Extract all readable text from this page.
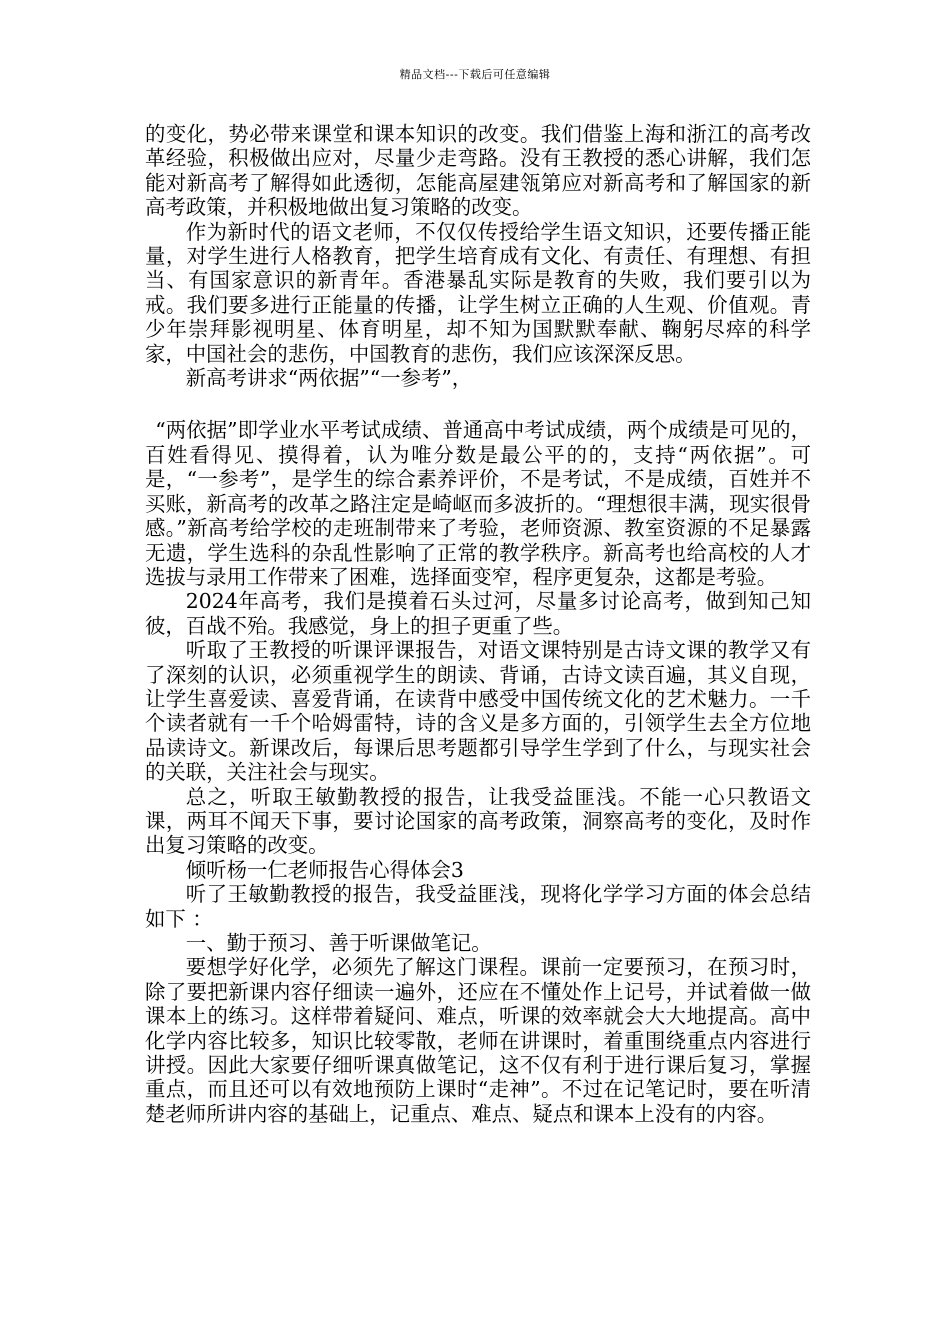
精品文档---下载后可任意编辑

的变化，势必带来课堂和课本知识的改变。我们借鉴上海和浙江的高考改革经验，积极做出应对，尽量少走弯路。没有王教授的悉心讲解，我们怎能对新高考了解得如此透彻，怎能高屋建瓴第应对新高考和了解国家的新高考政策，并积极地做出复习策略的改变。

作为新时代的语文老师，不仅仅传授给学生语文知识，还要传播正能量，对学生进行人格教育，把学生培育成有文化、有责任、有理想、有担当、有国家意识的新青年。香港暴乱实际是教育的失败，我们要引以为戒。我们要多进行正能量的传播，让学生树立正确的人生观、价值观。青少年崇拜影视明星、体育明星，却不知为国默默奉献、鞠躬尽瘁的科学家，中国社会的悲伤，中国教育的悲伤，我们应该深深反思。

新高考讲求“两依据”“一参考”，

“两依据”即学业水平考试成绩、普通高中考试成绩，两个成绩是可见的，百姓看得见、摸得着，认为唯分数是最公平的的，支持“两依据”。可是，“一参考”，是学生的综合素养评价，不是考试，不是成绩，百姓并不买账，新高考的改革之路注定是崎岖而多波折的。“理想很丰满，现实很骨感。”新高考给学校的走班制带来了考验，老师资源、教室资源的不足暴露无遗，学生选科的杂乱性影响了正常的教学秩序。新高考也给高校的人才选拔与录用工作带来了困难，选择面变窄，程序更复杂，这都是考验。

2024年高考，我们是摸着石头过河，尽量多讨论高考，做到知己知彼，百战不殆。我感觉，身上的担子更重了些。

听取了王教授的听课评课报告，对语文课特别是古诗文课的教学又有了深刻的认识，必须重视学生的朗读、背诵，古诗文读百遍，其义自现，让学生喜爱读、喜爱背诵，在读背中感受中国传统文化的艺术魅力。一千个读者就有一千个哈姆雷特，诗的含义是多方面的，引领学生去全方位地品读诗文。新课改后，每课后思考题都引导学生学到了什么，与现实社会的关联，关注社会与现实。

总之，听取王敏勤教授的报告，让我受益匪浅。不能一心只教语文课，两耳不闻天下事，要讨论国家的高考政策，洞察高考的变化，及时作出复习策略的改变。

倾听杨一仁老师报告心得体会3

听了王敏勤教授的报告，我受益匪浅，现将化学学习方面的体会总结如下 ：

一、勤于预习、善于听课做笔记。

要想学好化学，必须先了解这门课程。课前一定要预习，在预习时，除了要把新课内容仔细读一遍外，还应在不懂处作上记号，并试着做一做课本上的练习。这样带着疑问、难点，听课的效率就会大大地提高。高中化学内容比较多，知识比较零散，老师在讲课时，着重围绕重点内容进行讲授。因此大家要仔细听课真做笔记，这不仅有利于进行课后复习，掌握重点，而且还可以有效地预防上课时“走神”。不过在记笔记时，要在听清楚老师所讲内容的基础上，记重点、难点、疑点和课本上没有的内容。
